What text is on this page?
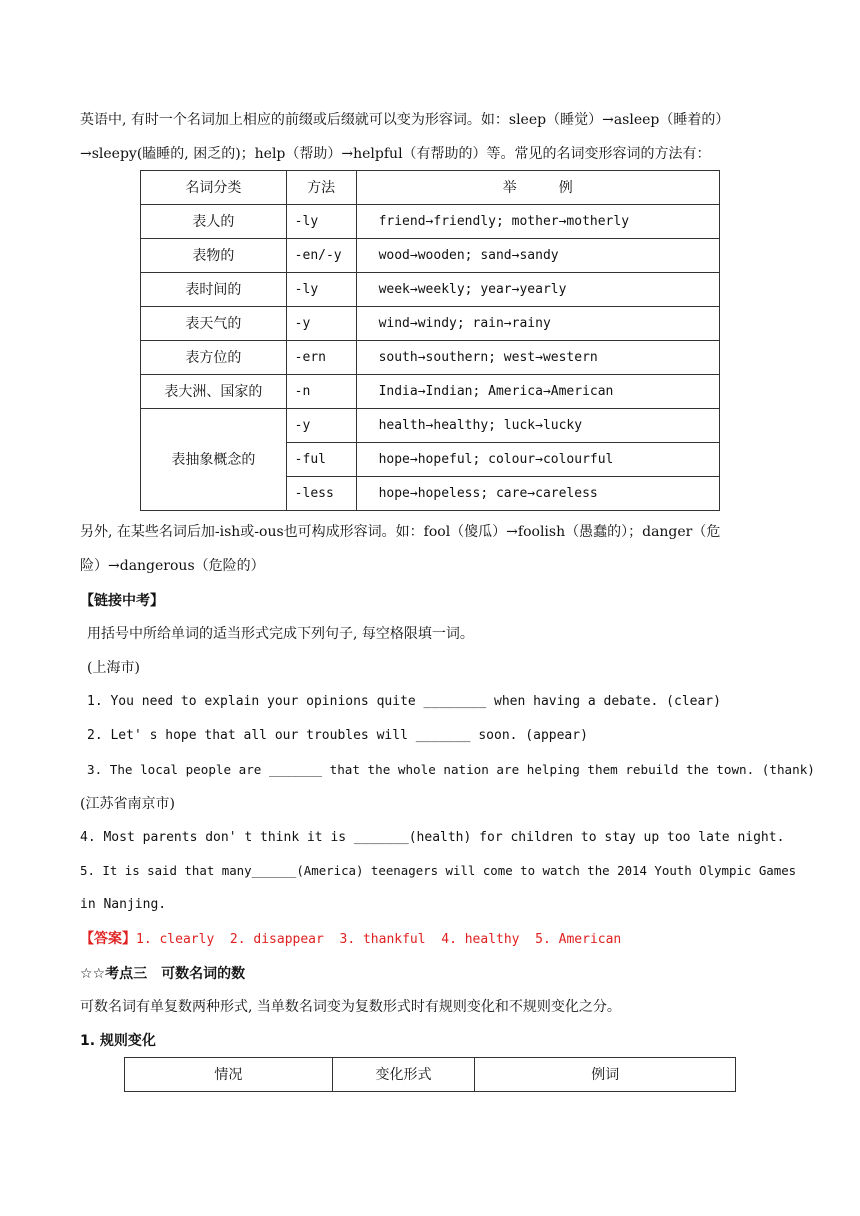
英语中, 有时一个名词加上相应的前缀或后缀就可以变为形容词。如：sleep（睡觉）→asleep（睡着的）
→sleepy(瞌睡的, 困乏的)；help（帮助）→helpful（有帮助的）等。常见的名词变形容词的方法有：
名词分类	方法	举　　　例
表人的	-ly	friend→friendly; mother→motherly
表物的	-en/-y	wood→wooden; sand→sandy
表时间的	-ly	week→weekly; year→yearly
表天气的	-y	wind→windy; rain→rainy
表方位的	-ern	south→southern; west→western
表大洲、国家的	-n	India→Indian; America→American
表抽象概念的	-y	health→healthy; luck→lucky
	-ful	hope→hopeful; colour→colourful
	-less	hope→hopeless; care→careless
另外, 在某些名词后加-ish或-ous也可构成形容词。如：fool（傻瓜）→foolish（愚蠢的）；danger（危
险）→dangerous（危险的）
【链接中考】
用括号中所给单词的适当形式完成下列句子, 每空格限填一词。
(上海市)
1. You need to explain your opinions quite ________ when having a debate. (clear)
2. Let' s hope that all our troubles will _______ soon. (appear)
3. The local people are _______ that the whole nation are helping them rebuild the town. (thank)
(江苏省南京市)
4. Most parents don' t think it is _______(health) for children to stay up too late night.
5. It is said that many______(America) teenagers will come to watch the 2014 Youth Olympic Games
in Nanjing.
【答案】1. clearly  2. disappear  3. thankful  4. healthy  5. American
☆☆考点三　可数名词的数
可数名词有单复数两种形式, 当单数名词变为复数形式时有规则变化和不规则变化之分。
1. 规则变化
情况	变化形式	例词
